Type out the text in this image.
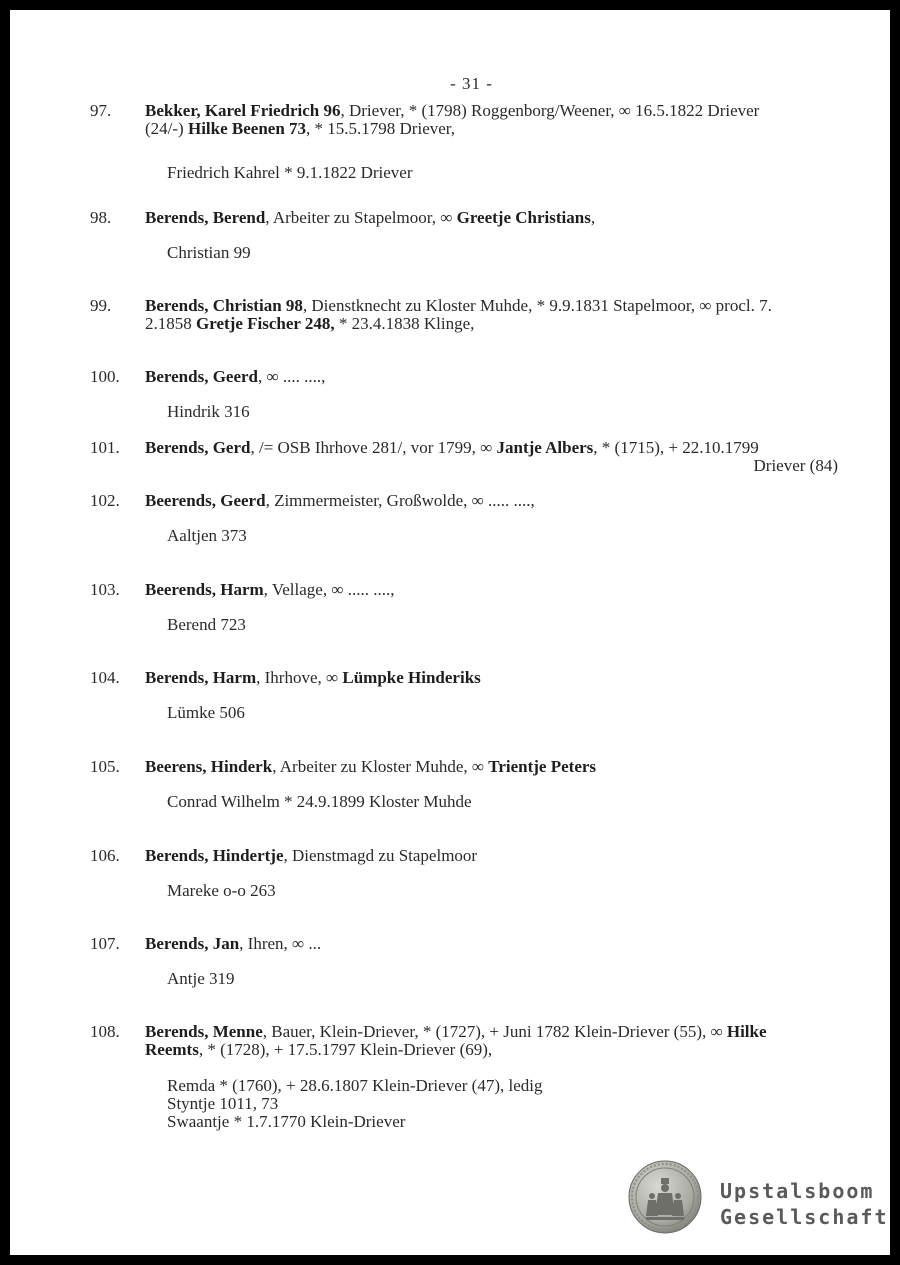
- 31 -
97. Bekker, Karel Friedrich 96, Driever, * (1798) Roggenborg/Weener, ∞ 16.5.1822 Driever
(24/-) Hilke Beenen 73, * 15.5.1798 Driever,
Friedrich Kahrel * 9.1.1822 Driever
98. Berends, Berend, Arbeiter zu Stapelmoor, ∞ Greetje Christians,
Christian 99
99. Berends, Christian 98, Dienstknecht zu Kloster Muhde, * 9.9.1831 Stapelmoor, ∞ procl. 7.
2.1858 Gretje Fischer 248, * 23.4.1838 Klinge,
100. Berends, Geerd, ∞ .... ....,
Hindrik 316
101. Berends, Gerd, /= OSB Ihrhove 281/, vor 1799, ∞ Jantje Albers, * (1715), + 22.10.1799
Driever (84)
102. Beerends, Geerd, Zimmermeister, Großwolde, ∞ ..... ....,
Aaltjen 373
103. Beerends, Harm, Vellage, ∞ ..... ....,
Berend 723
104. Berends, Harm, Ihrhove, ∞ Lümpke Hinderiks
Lümke 506
105. Beerens, Hinderk, Arbeiter zu Kloster Muhde, ∞ Trientje Peters
Conrad Wilhelm * 24.9.1899 Kloster Muhde
106. Berends, Hindertje, Dienstmagd zu Stapelmoor
Mareke o-o 263
107. Berends, Jan, Ihren, ∞ ...
Antje 319
108. Berends, Menne, Bauer, Klein-Driever, * (1727), + Juni 1782 Klein-Driever (55), ∞ Hilke
Reemts, * (1728), + 17.5.1797 Klein-Driever (69),
Remda * (1760), + 28.6.1807 Klein-Driever (47), ledig
Styntje 1011, 73
Swaantje * 1.7.1770 Klein-Driever
Upstalsboom
Gesellschaft
